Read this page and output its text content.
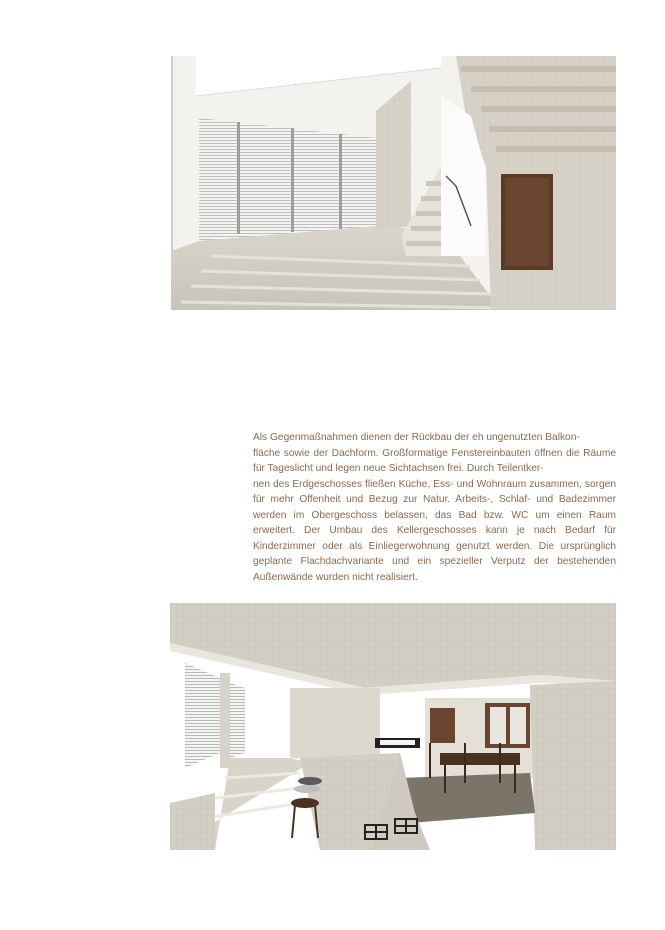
Als Gegenmaßnahmen dienen der Rückbau der eh ungenutzten Balkon-
fläche sowie der Dachform. Großformatige Fenstereinbauten öffnen die Räume für Tageslicht und legen neue Sichtachsen frei. Durch Teilentker-
nen des Erdgeschosses fließen Küche, Ess- und Wohnraum zusammen, sorgen für mehr Offenheit und Bezug zur Natur. Arbeits-, Schlaf- und Badezimmer werden im Obergeschoss belassen, das Bad bzw. WC um einen Raum erweitert. Der Umbau des Kellergeschosses kann je nach Bedarf für Kinderzimmer oder als Einliegerwohnung genutzt werden. Die ursprünglich geplante Flachdachvariante und ein spezieller Verputz der bestehenden Außenwände wurden nicht realisiert.
